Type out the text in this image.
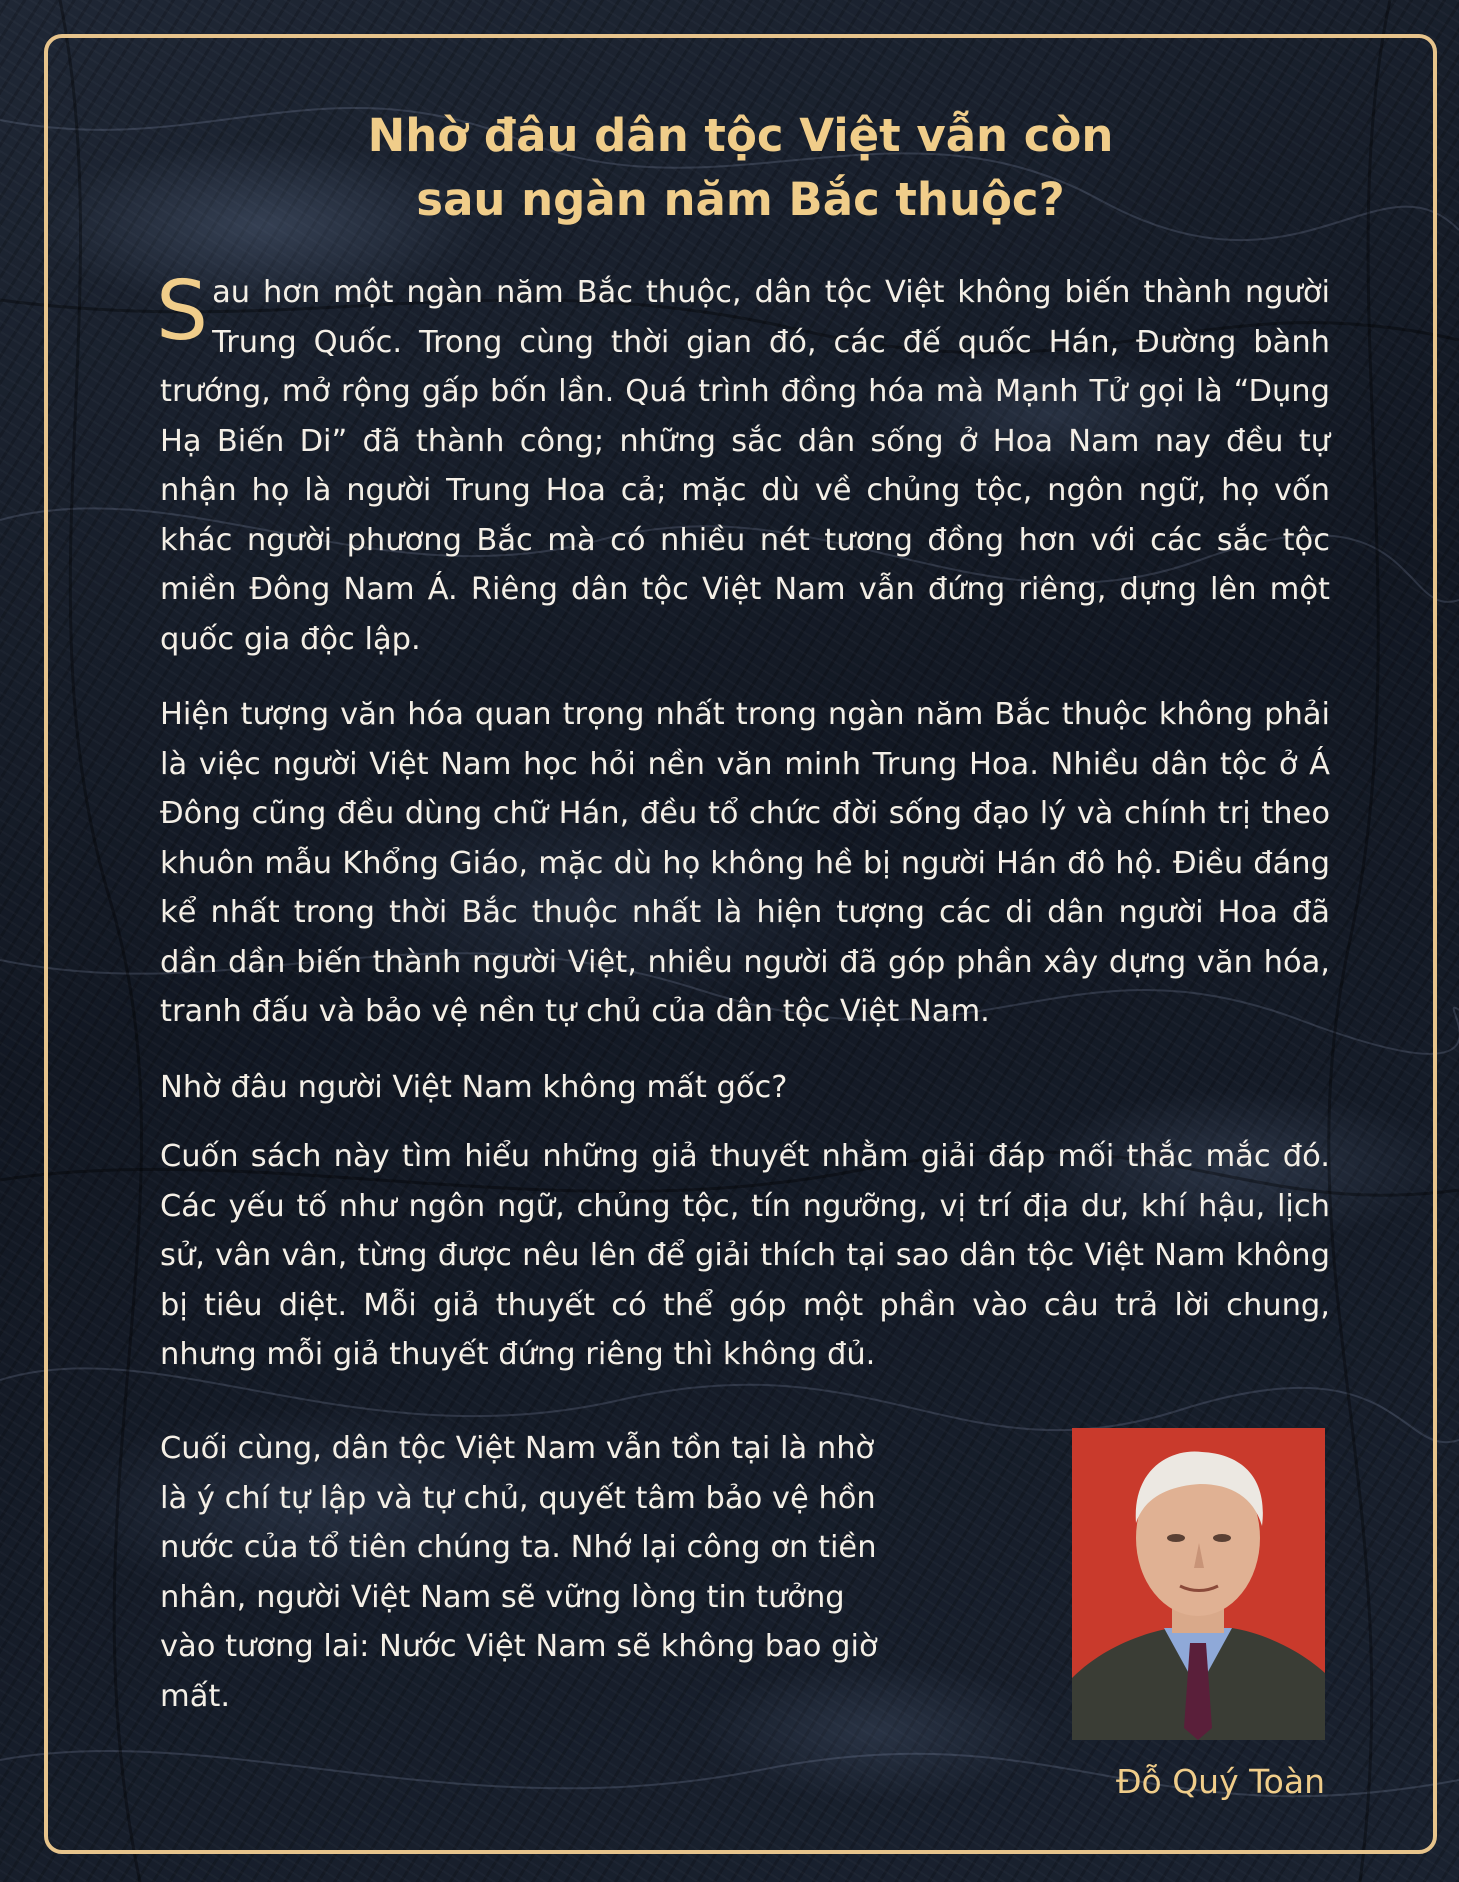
Nhờ đâu dân tộc Việt vẫn còn
sau ngàn năm Bắc thuộc?

Sau hơn một ngàn năm Bắc thuộc, dân tộc Việt không biến thành người Trung Quốc. Trong cùng thời gian đó, các đế quốc Hán, Đường bành trướng, mở rộng gấp bốn lần. Quá trình đồng hóa mà Mạnh Tử gọi là “Dụng Hạ Biến Di” đã thành công; những sắc dân sống ở Hoa Nam nay đều tự nhận họ là người Trung Hoa cả; mặc dù về chủng tộc, ngôn ngữ, họ vốn khác người phương Bắc mà có nhiều nét tương đồng hơn với các sắc tộc miền Đông Nam Á. Riêng dân tộc Việt Nam vẫn đứng riêng, dựng lên một quốc gia độc lập.

Hiện tượng văn hóa quan trọng nhất trong ngàn năm Bắc thuộc không phải là việc người Việt Nam học hỏi nền văn minh Trung Hoa. Nhiều dân tộc ở Á Đông cũng đều dùng chữ Hán, đều tổ chức đời sống đạo lý và chính trị theo khuôn mẫu Khổng Giáo, mặc dù họ không hề bị người Hán đô hộ. Điều đáng kể nhất trong thời Bắc thuộc nhất là hiện tượng các di dân người Hoa đã dần dần biến thành người Việt, nhiều người đã góp phần xây dựng văn hóa, tranh đấu và bảo vệ nền tự chủ của dân tộc Việt Nam.

Nhờ đâu người Việt Nam không mất gốc?

Cuốn sách này tìm hiểu những giả thuyết nhằm giải đáp mối thắc mắc đó. Các yếu tố như ngôn ngữ, chủng tộc, tín ngưỡng, vị trí địa dư, khí hậu, lịch sử, vân vân, từng được nêu lên để giải thích tại sao dân tộc Việt Nam không bị tiêu diệt. Mỗi giả thuyết có thể góp một phần vào câu trả lời chung, nhưng mỗi giả thuyết đứng riêng thì không đủ.

Cuối cùng, dân tộc Việt Nam vẫn tồn tại là nhờ là ý chí tự lập và tự chủ, quyết tâm bảo vệ hồn nước của tổ tiên chúng ta. Nhớ lại công ơn tiền nhân, người Việt Nam sẽ vững lòng tin tưởng vào tương lai: Nước Việt Nam sẽ không bao giờ mất.

Đỗ Quý Toàn
